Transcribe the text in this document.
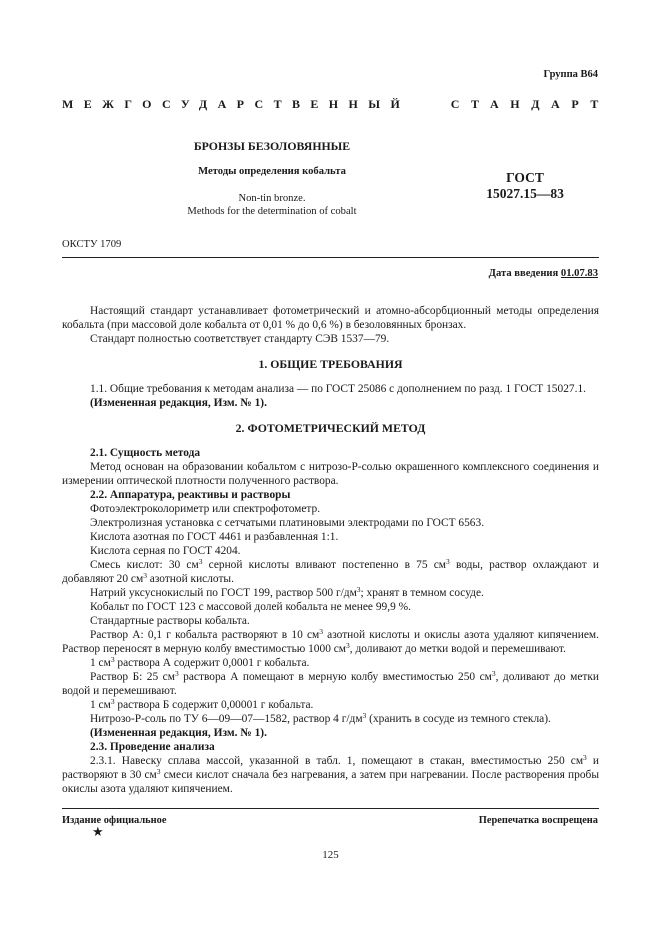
Группа В64
МЕЖГОСУДАРСТВЕННЫЙ	СТАНДАРТ
БРОНЗЫ БЕЗОЛОВЯННЫЕ
Методы определения кобальта
Non-tin bronze.
Methods for the determination of cobalt
ГОСТ
15027.15—83
ОКСТУ 1709
Дата введения 01.07.83

Настоящий стандарт устанавливает фотометрический и атомно-абсорбционный методы определения кобальта (при массовой доле кобальта от 0,01 % до 0,6 %) в безоловянных бронзах.

Стандарт полностью соответствует стандарту СЭВ 1537—79.

1. ОБЩИЕ ТРЕБОВАНИЯ

1.1. Общие требования к методам анализа — по ГОСТ 25086 с дополнением по разд. 1 ГОСТ 15027.1.

(Измененная редакция, Изм. № 1).

2. ФОТОМЕТРИЧЕСКИЙ МЕТОД

2.1. Сущность метода

Метод основан на образовании кобальтом с нитрозо-Р-солью окрашенного комплексного соединения и измерении оптической плотности полученного раствора.

2.2. Аппаратура, реактивы и растворы

Фотоэлектроколориметр или спектрофотометр.

Электролизная установка с сетчатыми платиновыми электродами по ГОСТ 6563.

Кислота азотная по ГОСТ 4461 и разбавленная 1:1.

Кислота серная по ГОСТ 4204.

Смесь кислот: 30 $см^3$ серной кислоты вливают постепенно в 75 $см^3$ воды, раствор охлаждают и добавляют 20 $см^3$ азотной кислоты.

Натрий уксуснокислый по ГОСТ 199, раствор 500 $г/дм^3$; хранят в темном сосуде.

Кобальт по ГОСТ 123 с массовой долей кобальта не менее 99,9 %.

Стандартные растворы кобальта.

Раствор А: 0,1 г кобальта растворяют в 10 $см^3$ азотной кислоты и окислы азота удаляют кипячением. Раствор переносят в мерную колбу вместимостью 1000 $см^3$, доливают до метки водой и перемешивают.

1 $см^3$ раствора А содержит 0,0001 г кобальта.

Раствор Б: 25 $см^3$ раствора А помещают в мерную колбу вместимостью 250 $см^3$, доливают до метки водой и перемешивают.

1 $см^3$ раствора Б содержит 0,00001 г кобальта.

Нитрозо-Р-соль по ТУ 6—09—07—1582, раствор 4 $г/дм^3$ (хранить в сосуде из темного стекла).

(Измененная редакция, Изм. № 1).

2.3. Проведение анализа

2.3.1. Навеску сплава массой, указанной в табл. 1, помещают в стакан, вместимостью 250 $см^3$ и растворяют в 30 $см^3$ смеси кислот сначала без нагревания, а затем при нагревании. После растворения пробы окислы азота удаляют кипячением.

Издание официальное	Перепечатка воспрещена
★
125
